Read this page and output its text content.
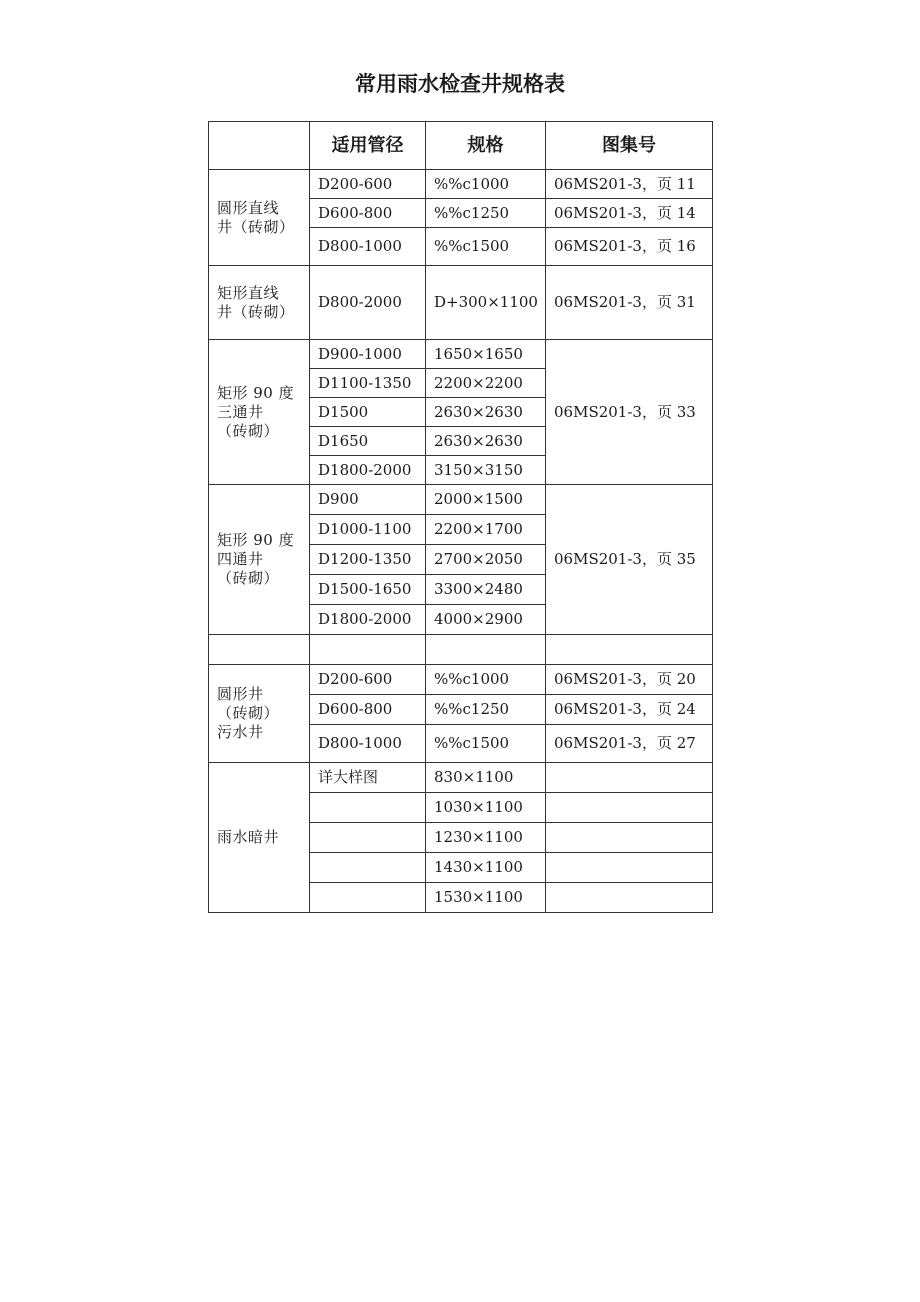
常用雨水检查井规格表
	适用管径	规格	图集号

圆形直线
井（砖砌）	D200-600	%%c1000	06MS201-3，页 11
	D600-800	%%c1250	06MS201-3，页 14
	D800-1000	%%c1500	06MS201-3，页 16

矩形直线
井（砖砌）	D800-2000	D+300×1100	06MS201-3，页 31

矩形 90 度
三通井
（砖砌）	D900-1000	1650×1650	06MS201-3，页 33
	D1100-1350	2200×2200	
	D1500	2630×2630	
	D1650	2630×2630	
	D1800-2000	3150×3150	

矩形 90 度
四通井
（砖砌）	D900	2000×1500	06MS201-3，页 35
	D1000-1100	2200×1700	
	D1200-1350	2700×2050	
	D1500-1650	3300×2480	
	D1800-2000	4000×2900	

圆形井
（砖砌）
污水井	D200-600	%%c1000	06MS201-3，页 20
	D600-800	%%c1250	06MS201-3，页 24
	D800-1000	%%c1500	06MS201-3，页 27

雨水暗井	详大样图	830×1100	
		1030×1100	
		1230×1100	
		1430×1100	
		1530×1100	
